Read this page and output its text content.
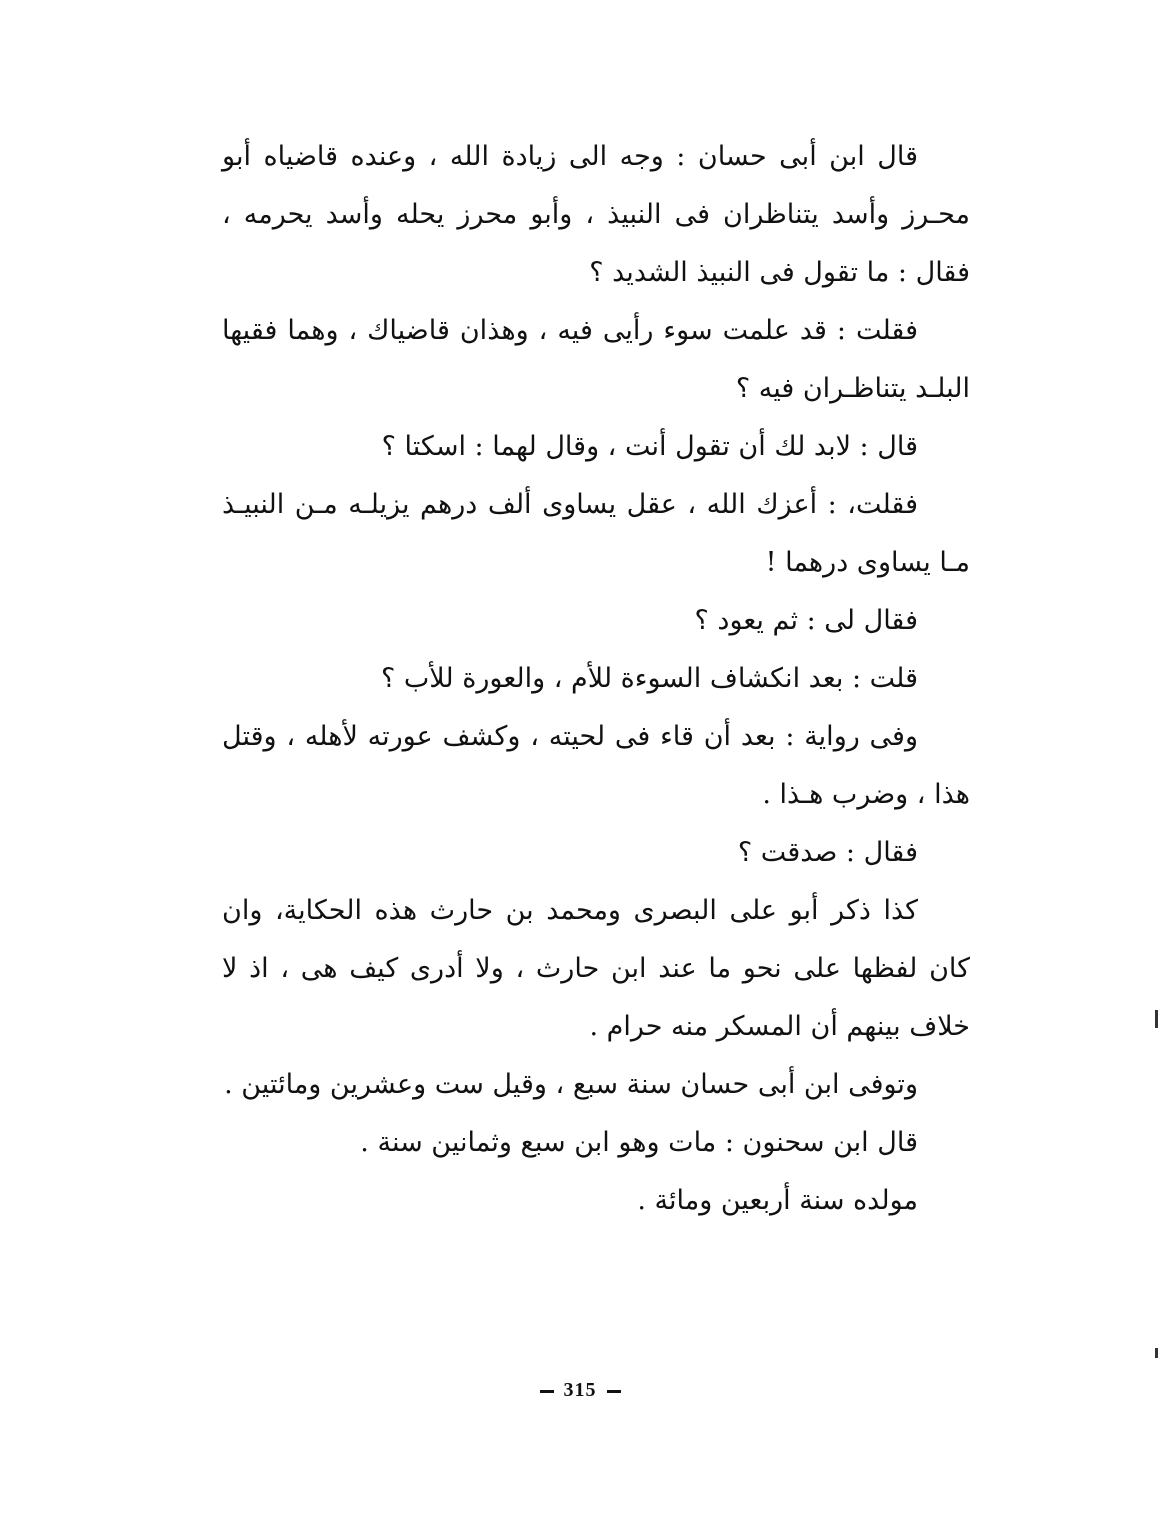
قال ابن أبى حسان : وجه الى زيادة الله ، وعنده قاضياه أبو محـرز وأسد يتناظران فى النبيذ ، وأبو محرز يحله وأسد يحرمه ، فقال : ما تقول فى النبيذ الشديد ؟

فقلت : قد علمت سوء رأيى فيه ، وهذان قاضياك ، وهما فقيها البلـد يتناظـران فيه ؟

قال : لابد لك أن تقول أنت ، وقال لهما : اسكتا ؟

فقلت، : أعزك الله ، عقل يساوى ألف درهم يزيلـه مـن النبيـذ مـا يساوى درهما !

فقال لى : ثم يعود ؟

قلت : بعد انكشاف السوءة للأم ، والعورة للأب ؟

وفى رواية : بعد أن قاء فى لحيته ، وكشف عورته لأهله ، وقتل هذا ، وضرب هـذا .

فقال : صدقت ؟

كذا ذكر أبو على البصرى ومحمد بن حارث هذه الحكاية، وان كان لفظها على نحو ما عند ابن حارث ، ولا أدرى كيف هى ، اذ لا خلاف بينهم أن المسكر منه حرام .

وتوفى ابن أبى حسان سنة سبع ، وقيل ست وعشرين ومائتين .

قال ابن سحنون : مات وهو ابن سبع وثمانين سنة .

مولده سنة أربعين ومائة .

315
